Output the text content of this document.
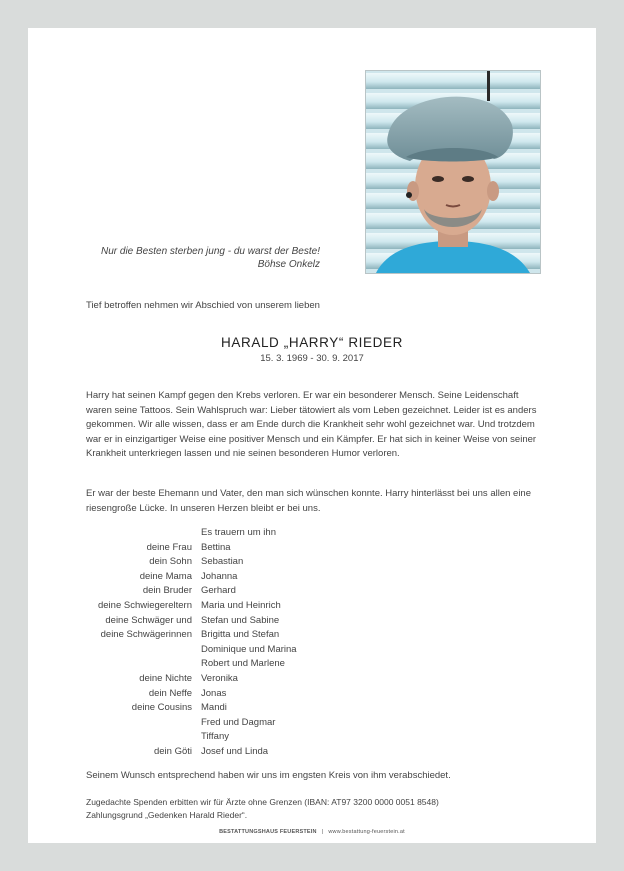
Nur die Besten sterben jung - du warst der Beste!
Böhse Onkelz
Tief betroffen nehmen wir Abschied von unserem lieben
HARALD „HARRY“ RIEDER
15. 3. 1969 - 30. 9. 2017
Harry hat seinen Kampf gegen den Krebs verloren. Er war ein besonderer Mensch. Seine Leidenschaft waren seine Tattoos. Sein Wahlspruch war: Lieber tätowiert als vom Leben gezeichnet. Leider ist es anders gekommen. Wir alle wissen, dass er am Ende durch die Krankheit sehr wohl gezeichnet war. Und trotzdem war er in einzigartiger Weise eine positiver Mensch und ein Kämpfer. Er hat sich in keiner Weise von seiner Krankheit unterkriegen lassen und nie seinen besonderen Humor verloren.
Er war der beste Ehemann und Vater, den man sich wünschen konnte. Harry hinterlässt bei uns allen eine riesengroße Lücke. In unseren Herzen bleibt er bei uns.
Es trauern um ihn
deine Frau Bettina
dein Sohn Sebastian
deine Mama Johanna
dein Bruder Gerhard
deine Schwiegereltern Maria und Heinrich
deine Schwäger und Stefan und Sabine
deine Schwägerinnen Brigitta und Stefan
Dominique und Marina
Robert und Marlene
deine Nichte Veronika
dein Neffe Jonas
deine Cousins Mandi
Fred und Dagmar
Tiffany
dein Göti Josef und Linda
Seinem Wunsch entsprechend haben wir uns im engsten Kreis von ihm verabschiedet.
Zugedachte Spenden erbitten wir für Ärzte ohne Grenzen (IBAN: AT97 3200 0000 0051 8548)
Zahlungsgrund „Gedenken Harald Rieder“.
BESTATTUNGSHAUS FEUERSTEIN | www.bestattung-feuerstein.at
